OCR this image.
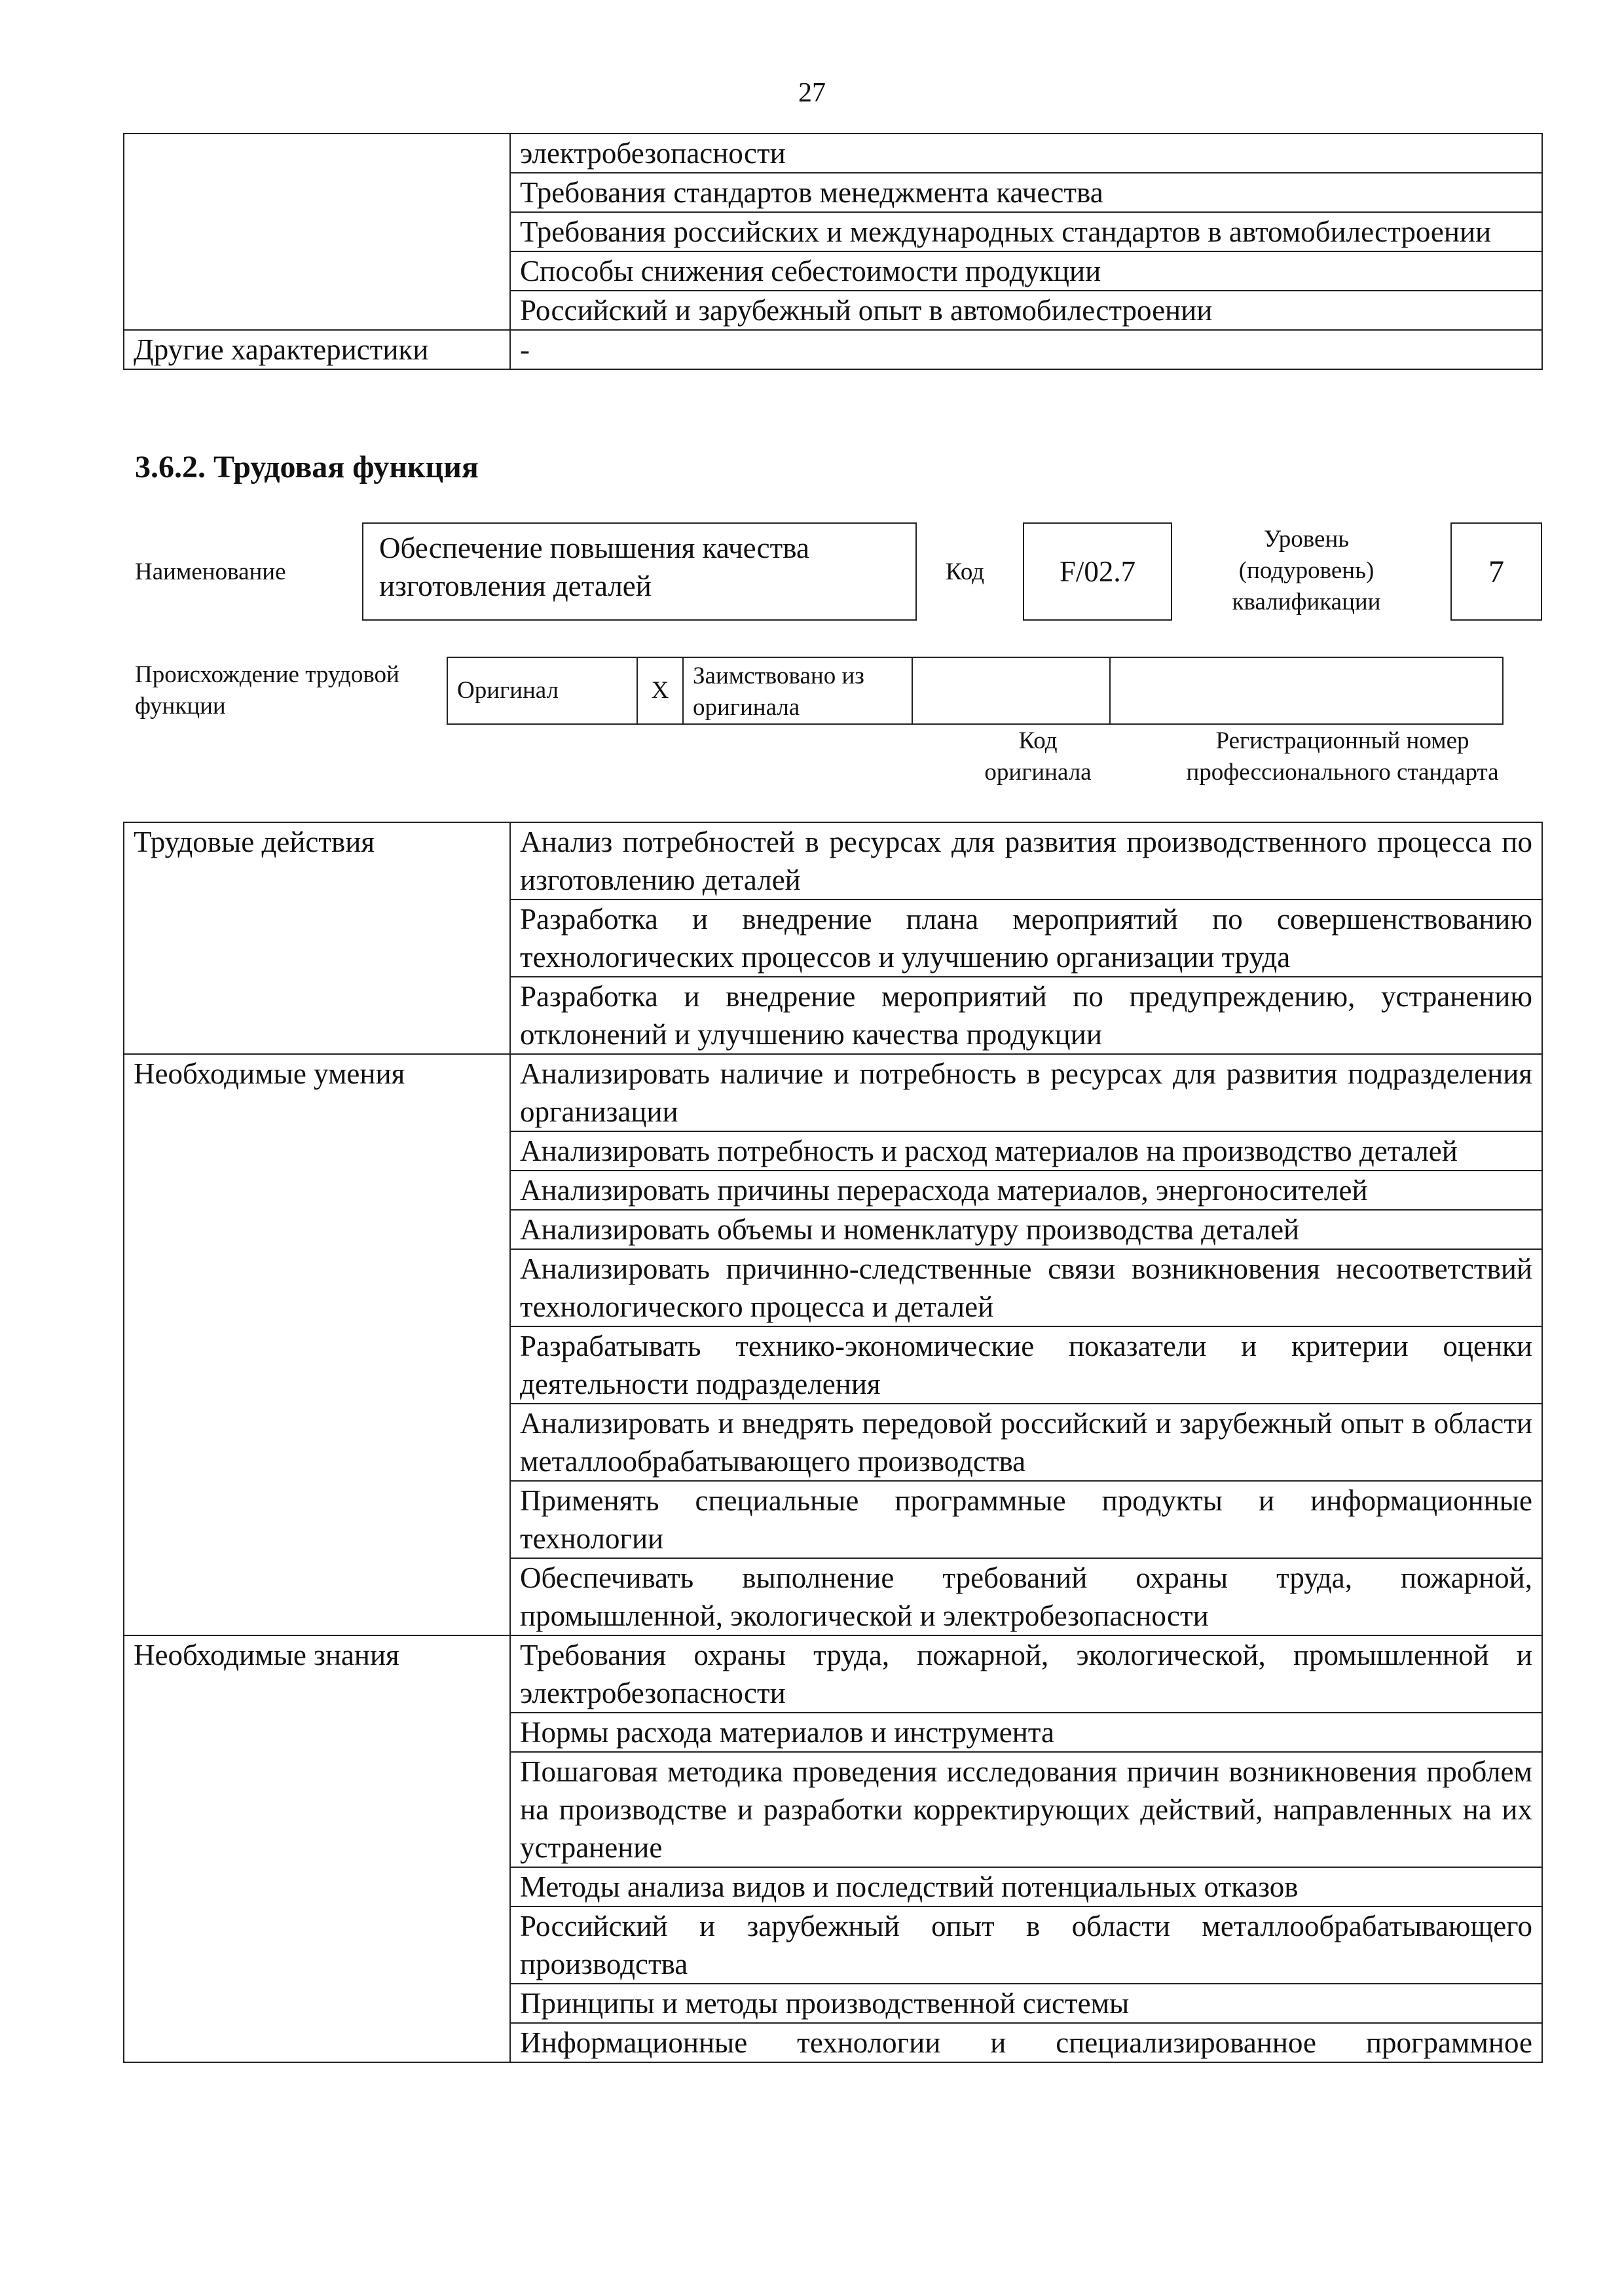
27
	электробезопасности
	Требования стандартов менеджмента качества
	Требования российских и международных стандартов в автомобилестроении
	Способы снижения себестоимости продукции
	Российский и зарубежный опыт в автомобилестроении
Другие характеристики	-
3.6.2. Трудовая функция
Наименование
Обеспечение повышения качества изготовления деталей	Код	F/02.7
Уровень (подуровень) квалификации
7
Происхождение трудовой функции
Оригинал	X	Заимствовано из оригинала		
Код оригинала
Регистрационный номер профессионального стандарта
Трудовые действия	Анализ потребностей в ресурсах для развития производственного процесса по изготовлению деталей
	Разработка и внедрение плана мероприятий по совершенствованию технологических процессов и улучшению организации труда
	Разработка и внедрение мероприятий по предупреждению, устранению отклонений и улучшению качества продукции
Необходимые умения	Анализировать наличие и потребность в ресурсах для развития подразделения организации
	Анализировать потребность и расход материалов на производство деталей
	Анализировать причины перерасхода материалов, энергоносителей
	Анализировать объемы и номенклатуру производства деталей
	Анализировать причинно-следственные связи возникновения несоответствий технологического процесса и деталей
	Разрабатывать технико-экономические показатели и критерии оценки деятельности подразделения
	Анализировать и внедрять передовой российский и зарубежный опыт в области металлообрабатывающего производства
	Применять специальные программные продукты и информационные технологии
	Обеспечивать выполнение требований охраны труда, пожарной, промышленной, экологической и электробезопасности
Необходимые знания	Требования охраны труда, пожарной, экологической, промышленной и электробезопасности
	Нормы расхода материалов и инструмента
	Пошаговая методика проведения исследования причин возникновения проблем на производстве и разработки корректирующих действий, направленных на их устранение
	Методы анализа видов и последствий потенциальных отказов
	Российский и зарубежный опыт в области металлообрабатывающего производства
	Принципы и методы производственной системы
	Информационные технологии и специализированное программное
